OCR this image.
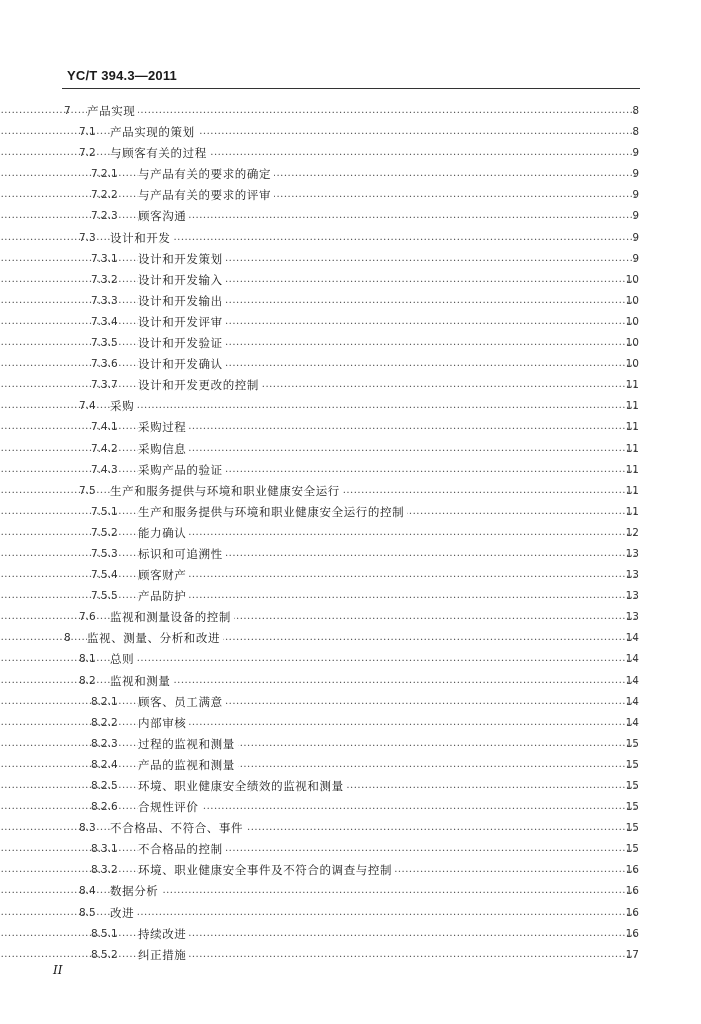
YC/T 394.3—2011
.....
7 产品实现	8
.....
7.1 产品实现的策划	8
.....
7.2 与顾客有关的过程	9
.....
7.2.1 与产品有关的要求的确定	9
.....
7.2.2 与产品有关的要求的评审	9
.....
7.2.3 顾客沟通	9
.....
7.3 设计和开发	9
.....
7.3.1 设计和开发策划	9
.....
7.3.2 设计和开发输入	10
.....
7.3.3 设计和开发输出	10
.....
7.3.4 设计和开发评审	10
.....
7.3.5 设计和开发验证	10
.....
7.3.6 设计和开发确认	10
.....
7.3.7 设计和开发更改的控制	11
.....
7.4 采购	11
.....
7.4.1 采购过程	11
.....
7.4.2 采购信息	11
.....
7.4.3 采购产品的验证	11
.....
7.5 生产和服务提供与环境和职业健康安全运行	11
.....
7.5.1 生产和服务提供与环境和职业健康安全运行的控制	11
.....
7.5.2 能力确认	12
.....
7.5.3 标识和可追溯性	13
.....
7.5.4 顾客财产	13
.....
7.5.5 产品防护	13
.....
7.6 监视和测量设备的控制	13
.....
8 监视、测量、分析和改进	14
.....
8.1 总则	14
.....
8.2 监视和测量	14
.....
8.2.1 顾客、员工满意	14
.....
8.2.2 内部审核	14
.....
8.2.3 过程的监视和测量	15
.....
8.2.4 产品的监视和测量	15
.....
8.2.5 环境、职业健康安全绩效的监视和测量	15
.....
8.2.6 合规性评价	15
.....
8.3 不合格品、不符合、事件	15
.....
8.3.1 不合格品的控制	15
.....
8.3.2 环境、职业健康安全事件及不符合的调查与控制	16
.....
8.4 数据分析	16
.....
8.5 改进	16
.....
8.5.1 持续改进	16
.....
8.5.2 纠正措施	17
II
